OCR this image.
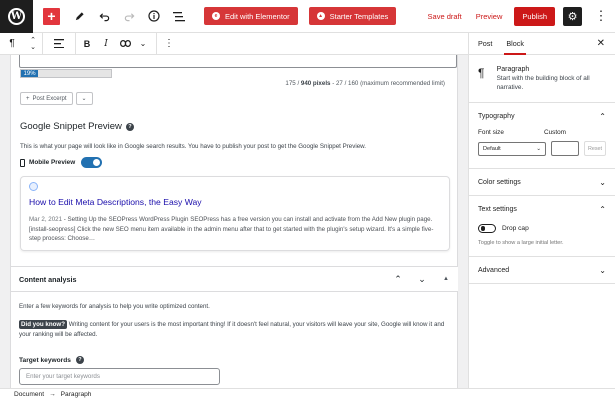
W	+	e	Edit with Elementor	▲ Starter Templates	Save draft Preview	Publish	⚙	⋮
¶	⌃
⌄	B	I	⌄	⋮
19%
175 / 940 pixels - 27 / 160 (maximum recommended limit)
+ Post Excerpt	⌄
Google Snippet Preview	?
This is what your page will look like in Google search results. You have to publish your post to get the Google Snippet Preview.
Mobile Preview
How to Edit Meta Descriptions, the Easy Way
Mar 2, 2021 - Setting Up the SEOPress WordPress Plugin SEOPress has a free version you can install and activate from the Add New plugin page. [install-seopress] Click the new SEO menu item available in the admin menu after that to get started with the plugin's setup wizard. It's a simple five-step process: Choose…
Content analysis	⌃	⌄	▲
Enter a few keywords for analysis to help you write optimized content.
Did you know? Writing content for your users is the most important thing! If it doesn't feel natural, your visitors will leave your site, Google will know it and your ranking will be affected.
Target keywords	?
Enter your target keywords
Post Block	✕
¶	Paragraph
Start with the building block of all narrative.
Typography	⌃
Font size	Custom
Default	⌄	Reset
Color settings	⌄
Text settings	⌃
Drop cap
Toggle to show a large initial letter.
Advanced	⌄
Document → Paragraph
